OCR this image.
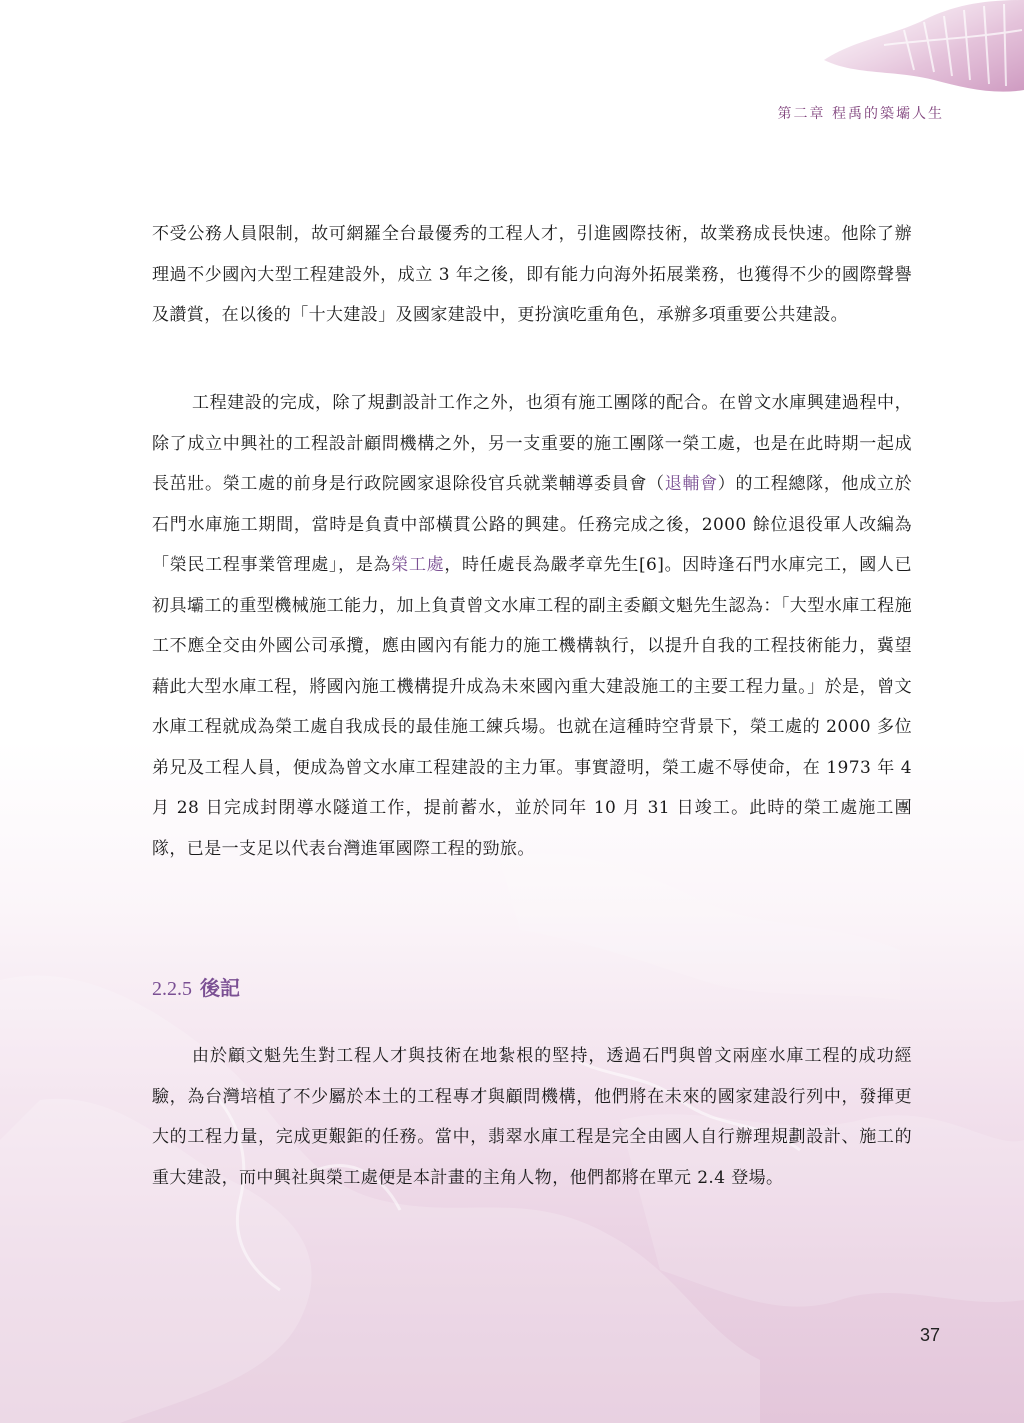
第二章 程禹的築壩人生

不受公務人員限制，故可網羅全台最優秀的工程人才，引進國際技術，故業務成長快速。他除了辦理過不少國內大型工程建設外，成立 3 年之後，即有能力向海外拓展業務，也獲得不少的國際聲譽及讚賞，在以後的「十大建設」及國家建設中，更扮演吃重角色，承辦多項重要公共建設。

工程建設的完成，除了規劃設計工作之外，也須有施工團隊的配合。在曾文水庫興建過程中，除了成立中興社的工程設計顧問機構之外，另一支重要的施工團隊一榮工處，也是在此時期一起成長茁壯。榮工處的前身是行政院國家退除役官兵就業輔導委員會（退輔會）的工程總隊，他成立於石門水庫施工期間，當時是負責中部橫貫公路的興建。任務完成之後，2000 餘位退役軍人改編為「榮民工程事業管理處」，是為榮工處，時任處長為嚴孝章先生[6]。因時逢石門水庫完工，國人已初具壩工的重型機械施工能力，加上負責曾文水庫工程的副主委顧文魁先生認為：「大型水庫工程施工不應全交由外國公司承攬，應由國內有能力的施工機構執行，以提升自我的工程技術能力，冀望藉此大型水庫工程，將國內施工機構提升成為未來國內重大建設施工的主要工程力量。」於是，曾文水庫工程就成為榮工處自我成長的最佳施工練兵場。也就在這種時空背景下，榮工處的 2000 多位弟兄及工程人員，便成為曾文水庫工程建設的主力軍。事實證明，榮工處不辱使命，在 1973 年 4 月 28 日完成封閉導水隧道工作，提前蓄水，並於同年 10 月 31 日竣工。此時的榮工處施工團隊，已是一支足以代表台灣進軍國際工程的勁旅。

2.2.5 後記

由於顧文魁先生對工程人才與技術在地紮根的堅持，透過石門與曾文兩座水庫工程的成功經驗，為台灣培植了不少屬於本土的工程專才與顧問機構，他們將在未來的國家建設行列中，發揮更大的工程力量，完成更艱鉅的任務。當中，翡翠水庫工程是完全由國人自行辦理規劃設計、施工的重大建設，而中興社與榮工處便是本計畫的主角人物，他們都將在單元 2.4 登場。

37
